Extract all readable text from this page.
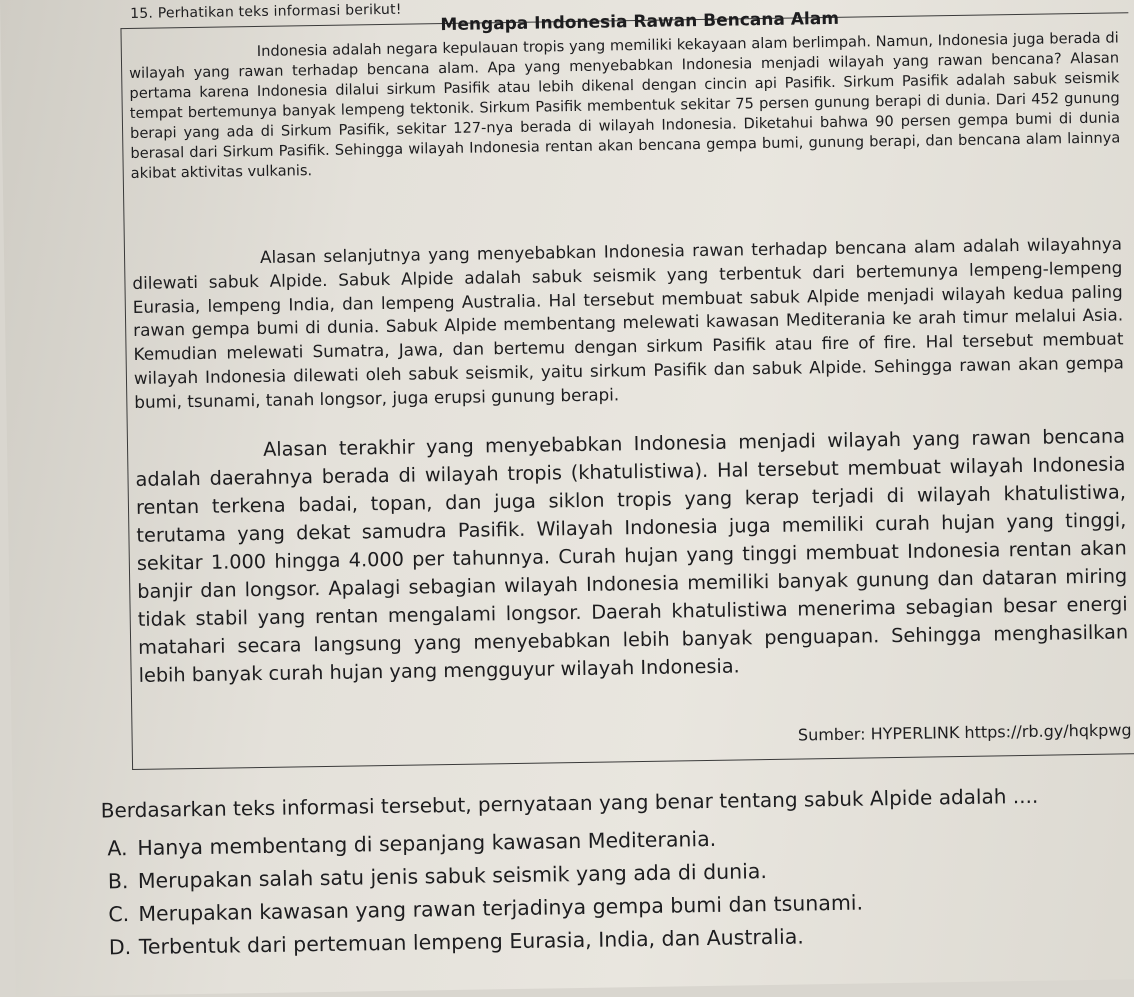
15. Perhatikan teks informasi berikut! Mengapa Indonesia Rawan Bencana Alam

Indonesia adalah negara kepulauan tropis yang memiliki kekayaan alam berlimpah. Namun, Indonesia juga berada di wilayah yang rawan terhadap bencana alam. Apa yang menyebabkan Indonesia menjadi wilayah yang rawan bencana? Alasan pertama karena Indonesia dilalui sirkum Pasifik atau lebih dikenal dengan cincin api Pasifik. Sirkum Pasifik adalah sabuk seismik tempat bertemunya banyak lempeng tektonik. Sirkum Pasifik membentuk sekitar 75 persen gunung berapi di dunia. Dari 452 gunung berapi yang ada di Sirkum Pasifik, sekitar 127-nya berada di wilayah Indonesia. Diketahui bahwa 90 persen gempa bumi di dunia berasal dari Sirkum Pasifik. Sehingga wilayah Indonesia rentan akan bencana gempa bumi, gunung berapi, dan bencana alam lainnya akibat aktivitas vulkanis.

Alasan selanjutnya yang menyebabkan Indonesia rawan terhadap bencana alam adalah wilayahnya dilewati sabuk Alpide. Sabuk Alpide adalah sabuk seismik yang terbentuk dari bertemunya lempeng-lempeng Eurasia, lempeng India, dan lempeng Australia. Hal tersebut membuat sabuk Alpide menjadi wilayah kedua paling rawan gempa bumi di dunia. Sabuk Alpide membentang melewati kawasan Mediterania ke arah timur melalui Asia. Kemudian melewati Sumatra, Jawa, dan bertemu dengan sirkum Pasifik atau fire of fire. Hal tersebut membuat wilayah Indonesia dilewati oleh sabuk seismik, yaitu sirkum Pasifik dan sabuk Alpide. Sehingga rawan akan gempa bumi, tsunami, tanah longsor, juga erupsi gunung berapi.

Alasan terakhir yang menyebabkan Indonesia menjadi wilayah yang rawan bencana adalah daerahnya berada di wilayah tropis (khatulistiwa). Hal tersebut membuat wilayah Indonesia rentan terkena badai, topan, dan juga siklon tropis yang kerap terjadi di wilayah khatulistiwa, terutama yang dekat samudra Pasifik. Wilayah Indonesia juga memiliki curah hujan yang tinggi, sekitar 1.000 hingga 4.000 per tahunnya. Curah hujan yang tinggi membuat Indonesia rentan akan banjir dan longsor. Apalagi sebagian wilayah Indonesia memiliki banyak gunung dan dataran miring tidak stabil yang rentan mengalami longsor. Daerah khatulistiwa menerima sebagian besar energi matahari secara langsung yang menyebabkan lebih banyak penguapan. Sehingga menghasilkan lebih banyak curah hujan yang mengguyur wilayah Indonesia.

Sumber: HYPERLINK https://rb.gy/hqkpwg

Berdasarkan teks informasi tersebut, pernyataan yang benar tentang sabuk Alpide adalah ....

A. Hanya membentang di sepanjang kawasan Mediterania.
B. Merupakan salah satu jenis sabuk seismik yang ada di dunia.
C. Merupakan kawasan yang rawan terjadinya gempa bumi dan tsunami.
D. Terbentuk dari pertemuan lempeng Eurasia, India, dan Australia.
